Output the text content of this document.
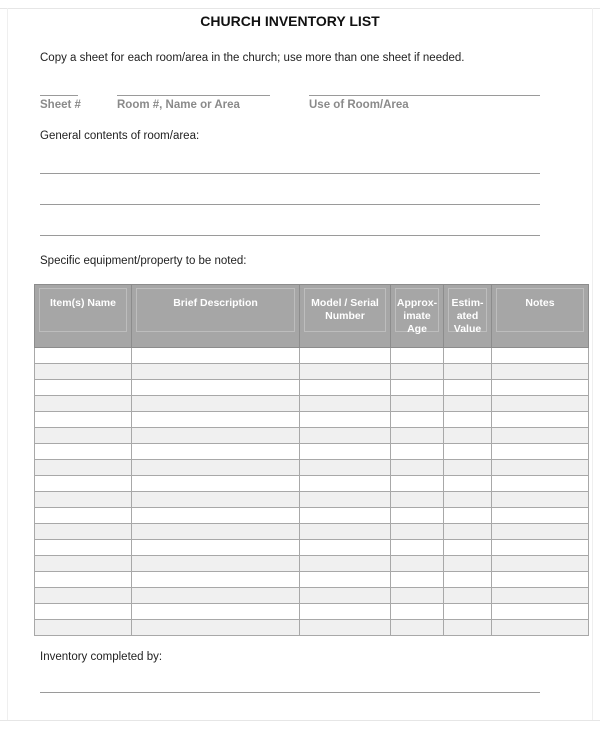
CHURCH INVENTORY LIST
Copy a sheet for each room/area in the church; use more than one sheet if needed.
Sheet #	Room #, Name or Area	Use of Room/Area
General contents of room/area:
Specific equipment/property to be noted:
Item(s) Name	Brief Description	Model / Serial Number	Approx-imate Age	Estim-ated Value	Notes

Inventory completed by:
